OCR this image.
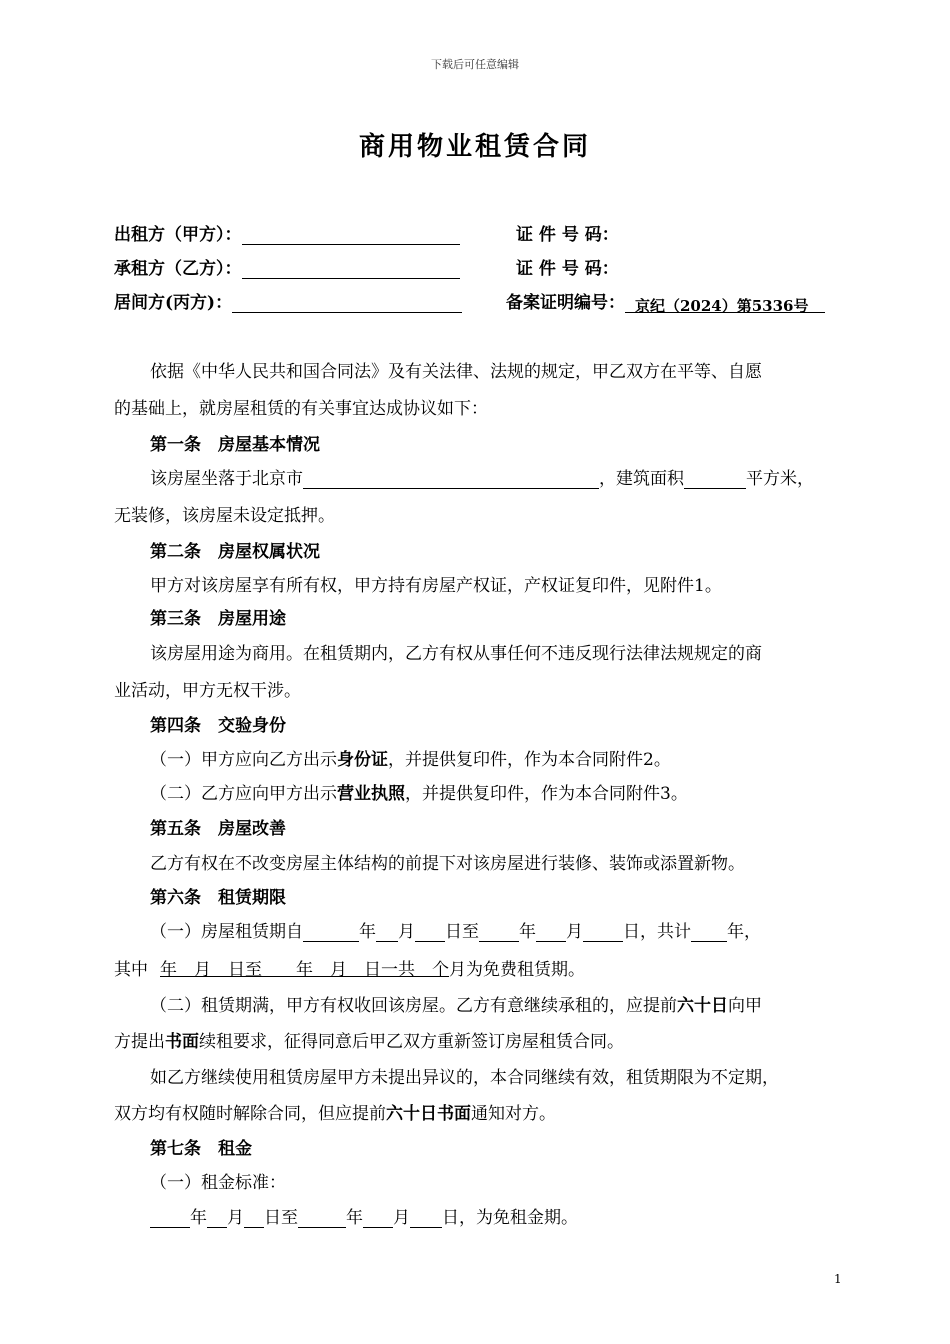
下载后可任意编辑
商用物业租赁合同
出租方（甲方）：	证 件 号 码：
承租方（乙方）：	证 件 号 码：
居间方(丙方)：	备案证明编号： 京纪（2024）第5336号
依据《中华人民共和国合同法》及有关法律、法规的规定，甲乙双方在平等、自愿
的基础上，就房屋租赁的有关事宜达成协议如下：
第一条　房屋基本情况
该房屋坐落于北京市	，建筑面积	平方米，
无装修，该房屋未设定抵押。
第二条　房屋权属状况
甲方对该房屋享有所有权，甲方持有房屋产权证，产权证复印件，见附件1。
第三条　房屋用途
该房屋用途为商用。在租赁期内，乙方有权从事任何不违反现行法律法规规定的商
业活动，甲方无权干涉。
第四条　交验身份
（一）甲方应向乙方出示身份证，并提供复印件，作为本合同附件2。
（二）乙方应向甲方出示营业执照，并提供复印件，作为本合同附件3。
第五条　房屋改善
乙方有权在不改变房屋主体结构的前提下对该房屋进行装修、装饰或添置新物。
第六条　租赁期限
（一）房屋租赁期自	年 月 日至 年 月 日，共计 年，
其中 年　月　日至　　年　月　日一共　个月为免费租赁期。
（二）租赁期满，甲方有权收回该房屋。乙方有意继续承租的，应提前六十日向甲
方提出书面续租要求，征得同意后甲乙双方重新签订房屋租赁合同。
如乙方继续使用租赁房屋甲方未提出异议的，本合同继续有效，租赁期限为不定期，
双方均有权随时解除合同，但应提前六十日书面通知对方。
第七条　租金
（一）租金标准：
年 月 日至	年 月 日，为免租金期。
1
